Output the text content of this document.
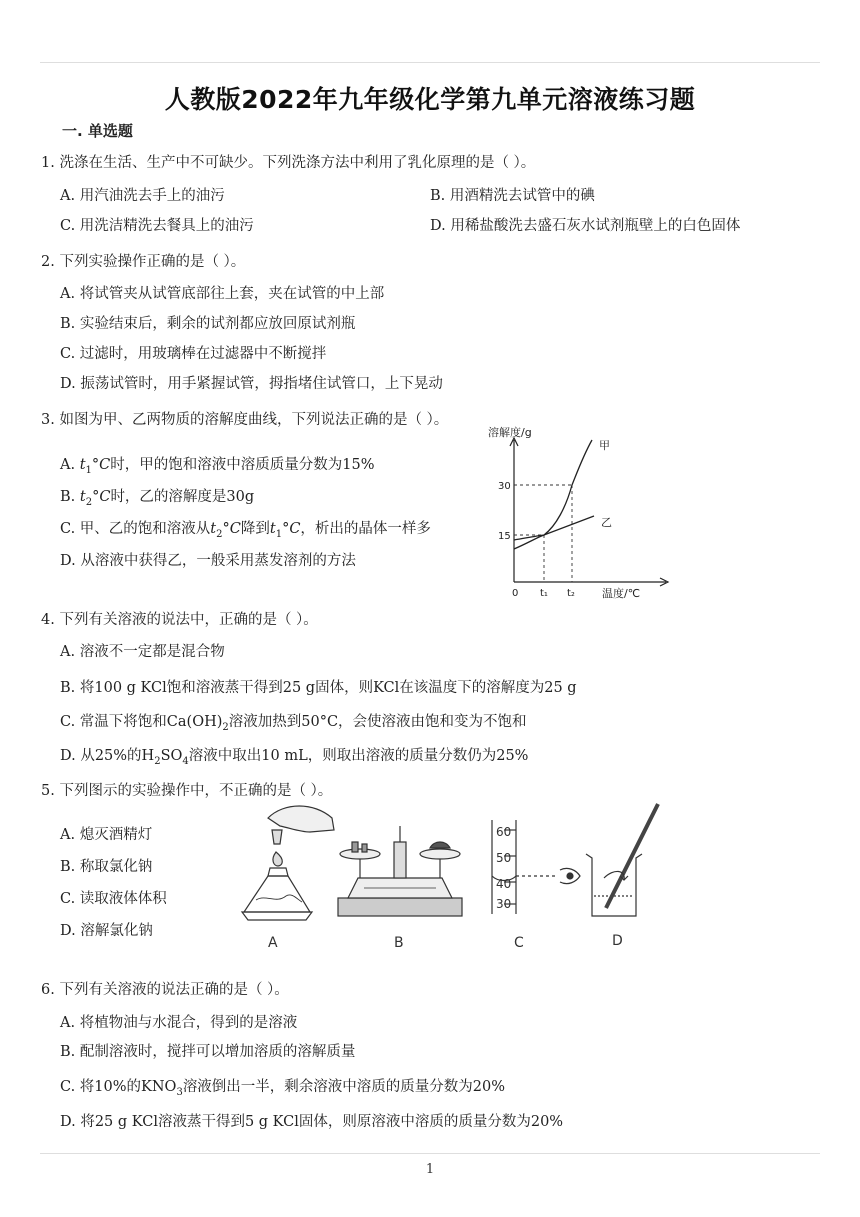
人教版2022年九年级化学第九单元溶液练习题
一. 单选题
1. 洗涤在生活、生产中不可缺少。下列洗涤方法中利用了乳化原理的是（ ）。
A. 用汽油洗去手上的油污	B. 用酒精洗去试管中的碘
C. 用洗洁精洗去餐具上的油污	D. 用稀盐酸洗去盛石灰水试剂瓶壁上的白色固体
2. 下列实验操作正确的是（ ）。
A. 将试管夹从试管底部往上套，夹在试管的中上部
B. 实验结束后，剩余的试剂都应放回原试剂瓶
C. 过滤时，用玻璃棒在过滤器中不断搅拌
D. 振荡试管时，用手紧握试管，拇指堵住试管口，上下晃动
3. 如图为甲、乙两物质的溶解度曲线，下列说法正确的是（ ）。
A. $t_1^\circ C$时，甲的饱和溶液中溶质质量分数为15%
B. $t_2^\circ C$时，乙的溶解度是30g
C. 甲、乙的饱和溶液从$t_2^\circ C$降到$t_1^\circ C$，析出的晶体一样多
D. 从溶液中获得乙，一般采用蒸发溶剂的方法
溶解度/g
甲
乙
30
15
0 t₁ t₂ 温度/℃
4. 下列有关溶液的说法中，正确的是（ ）。
A. 溶液不一定都是混合物
B. 将100 g KCl饱和溶液蒸干得到25 g固体，则KCl在该温度下的溶解度为25 g
C. 常温下将饱和$Ca(OH)_2$溶液加热到50°C，会使溶液由饱和变为不饱和
D. 从25%的$H_2SO_4$溶液中取出10 mL，则取出溶液的质量分数仍为25%
5. 下列图示的实验操作中，不正确的是（ ）。
A. 熄灭酒精灯
B. 称取氯化钠
C. 读取液体体积
D. 溶解氯化钠
A	B
60
50
40
30
C	D
6. 下列有关溶液的说法正确的是（ ）。
A. 将植物油与水混合，得到的是溶液
B. 配制溶液时，搅拌可以增加溶质的溶解质量
C. 将10%的$KNO_3$溶液倒出一半，剩余溶液中溶质的质量分数为20%
D. 将25 g KCl溶液蒸干得到5 g KCl固体，则原溶液中溶质的质量分数为20%
1
